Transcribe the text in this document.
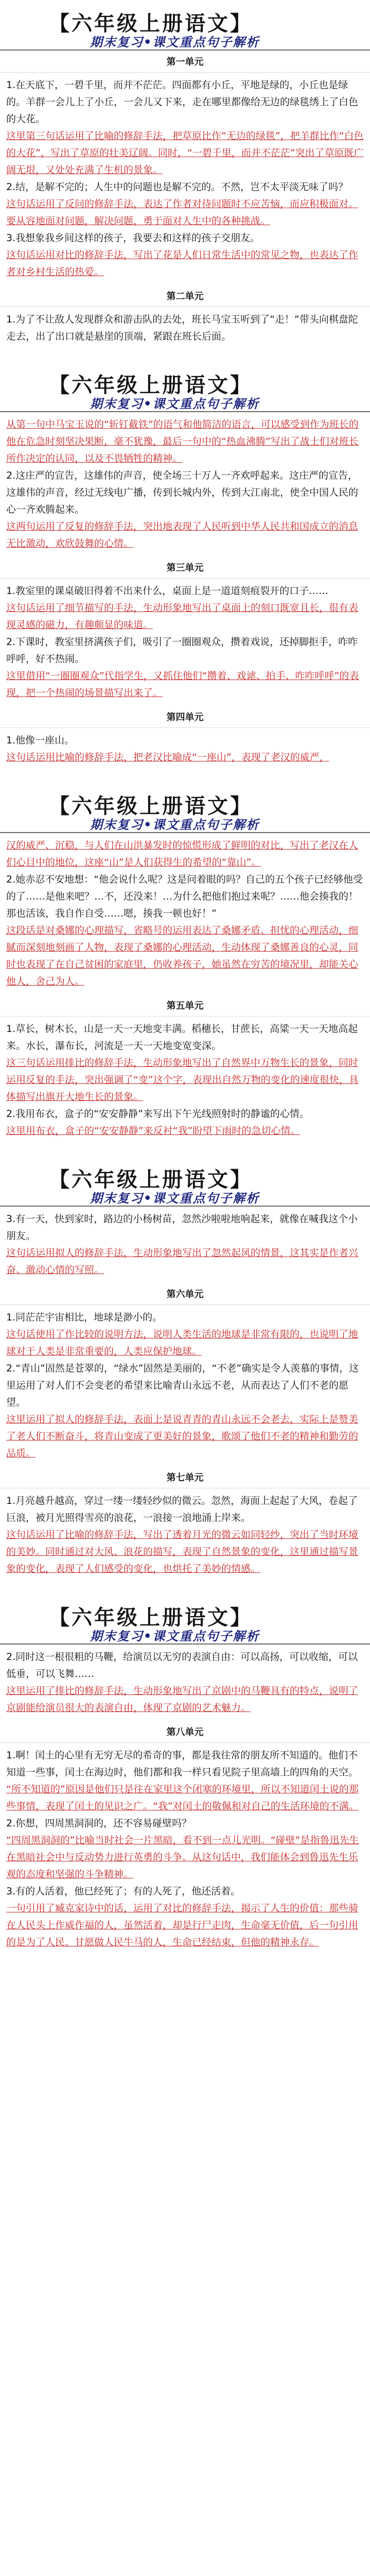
【六年级上册语文】
期末复习•课文重点句子解析
第一单元

1.在天底下，一碧千里，而并不茫茫。四面都有小丘，平地是绿的，小丘也是绿的。羊群一会儿上了小丘，一会儿又下来，走在哪里都像给无边的绿毯绣上了白色的大花。

这里第三句话运用了比喻的修辞手法，把草原比作“无边的绿毯”，把羊群比作“白色的大花”，写出了草原的壮美辽阔。同时，“一碧千里，而并不茫茫”突出了草原既广阔无垠，又处处充满了生机的景象。

2.结，是解不完的；人生中的问题也是解不完的。不然，岂不太平淡无味了吗？

这句话运用了反问的修辞手法，表达了作者对待问题时不应苦恼，而应积极面对。要从容地面对问题，解决问题，勇于面对人生中的各种挑战。

3.我想象我乡间这样的孩子，我要去和这样的孩子交朋友。

这句话运用对比的修辞手法，写出了花是人们日常生活中的常见之物，也表达了作者对乡村生活的热爱。

第二单元

1.为了不让敌人发现群众和游击队的去处，班长马宝玉听到了“走！”带头向棋盘陀走去，出了出口就是悬崖的顶端，紧跟在班长后面。

【六年级上册语文】
期末复习•课文重点句子解析

从第一句中马宝玉说的“斩钉截铁”的语气和他简洁的语言，可以感受到作为班长的他在危急时刻坚决果断，毫不犹豫，最后一句中的“热血沸腾”写出了战士们对班长所作决定的认同，以及不畏牺牲的精神。

2.这庄严的宣告，这雄伟的声音，使全场三十万人一齐欢呼起来。这庄严的宣告，这雄伟的声音，经过无线电广播，传到长城内外，传到大江南北，使全中国人民的心一齐欢腾起来。

这两句运用了反复的修辞手法，突出地表现了人民听到中华人民共和国成立的消息无比激动，欢欣鼓舞的心情。

第三单元

1.教室里的课桌破旧得着不出来什么，桌面上是一道道刻痕裂开的口子……

这句话运用了细节描写的手法，生动形象地写出了桌面上的刻口既宽且长，很有表现灵感的磁力，有趣颇显的味道。

2.下课时，教室里挤满孩子们，吸引了一圈圈观众，攒着戏说，还掉脚拒手，咋咋呼呼，好不热闹。

这里借用“一圈圈观众”代指学生，又抓住他们“攒着、戏谑、拍手、咋咋呼呼”的表现，把一个热闹的场景描写出来了。

第四单元

1.他像一座山。

这句话运用比喻的修辞手法，把老汉比喻成“一座山”，表现了老汉的威严，

【六年级上册语文】
期末复习•课文重点句子解析

汉的威严、沉稳，与人们在山洪暴发时的惊慌形成了鲜明的对比，写出了老汉在人们心目中的地位，这座“山”是人们获得生的希望的“靠山”。

2.她赤忍不安地想：“他会说什么呢？这是问着眼的吗？自己的五个孩子已经够他受的了……是他来吧？…不，还没来！…为什么把他们抱过来呢？……他会揍我的！那也活该，我自作自受……嗯，揍我一顿也好！”

这段话是对桑娜的心理描写，省略号的运用表达了桑娜矛盾、担忧的心理活动，细腻而深刻地刻画了人物，表现了桑娜的心理活动，生动体现了桑娜善良的心灵，同时也表现了在自己贫困的家庭里，仍收养孩子，她虽然在穷苦的境况里，却能关心他人，舍己为人。

第五单元

1.草长，树木长，山是一天一天地变丰满。稻穗长，甘蔗长，高粱一天一天地高起来。水长，瀑布长，河流是一天一天地变宽变深。

这三句话运用排比的修辞手法，生动形象地写出了自然界中万物生长的景象，同时运用反复的手法，突出强调了“变”这个字，表现出自然万物的变化的速度很快，具体描写出旗开大地生长的景象。

2.我用布衣，盒子的“安安静静”来写出下午光线照射时的静谧的心情。

这里用布衣，盒子的“安安静静”来反衬“我”盼望下雨时的急切心情。

【六年级上册语文】
期末复习•课文重点句子解析

3.有一天，快到家时，路边的小杨树苗，忽然沙啦啦地响起来，就像在喊我这个小朋友。

这句话运用拟人的修辞手法，生动形象地写出了忽然起风的情景，这其实是作者兴奋、激动心情的写照。

第六单元

1.同茫茫宇宙相比，地球是渺小的。

这句话使用了作比较的说明方法，说明人类生活的地球是非常有限的，也说明了地球对于人类是非常重要的，人类应保护地球。

2.“青山”固然是苍翠的，“绿水”固然是美丽的，“不老”确实是令人羡慕的事情，这里运用了对人们不会变老的希望来比喻青山永远不老，从而表达了人们不老的愿望。

这里运用了拟人的修辞手法，表面上是说青青的青山永远不会老去，实际上是赞美了老人们不断奋斗，将青山变成了更美好的景象，歌颂了他们不老的精神和勤劳的品质。

第七单元

1.月亮越升越高，穿过一缕一缕轻纱似的微云。忽然，海面上起起了大风，卷起了巨浪，被月光照得雪亮的浪花，一浪接一浪地涌上岸来。

这句话运用了比喻的修辞手法，写出了透着月光的微云如同轻纱，突出了当时环境的美妙。同时通过对大风、浪花的描写，表现了自然景象的变化，这里通过描写景象的变化，表现了人们感受的变化，也烘托了美妙的情感。

【六年级上册语文】
期末复习•课文重点句子解析

2.同时这一根很粗的马鞭，给演员以无穷的表演自由：可以高扬，可以收缩，可以低垂，可以飞舞……

这里运用了排比的修辞手法，生动形象地写出了京剧中的马鞭具有的特点，说明了京剧能给演员很大的表演自由，体现了京剧的艺术魅力。

第八单元

1.啊！闰土的心里有无穷无尽的希奇的事，都是我往常的朋友所不知道的。他们不知道一些事，闰土在海边时，他们都和我一样只看见院子里高墙上的四角的天空。

“所不知道的”原因是他们只是往在家里这个闭塞的环境里，所以不知道闰土说的那些事情，表现了闰土的见识之广。“我”对闰土的敬佩和对自己的生活环境的不满。

2.你想，四周黑洞洞的，还不容易碰壁吗？

“四周黑洞洞的”比喻当时社会一片黑暗，看不到一点儿光明。“碰壁”是指鲁迅先生在黑暗社会中与反动势力进行英勇的斗争。从这句话中，我们能体会到鲁迅先生乐观的态度和坚强的斗争精神。

3.有的人活着，他已经死了；有的人死了，他还活着。

一句引用了臧克家诗中的话，运用了对比的修辞手法，揭示了人生的价值：那些骑在人民头上作威作福的人，虽然活着，却是行尸走肉，生命毫无价值，后一句引用的是为了人民、甘愿做人民牛马的人，生命已经结束，但他的精神永存。
